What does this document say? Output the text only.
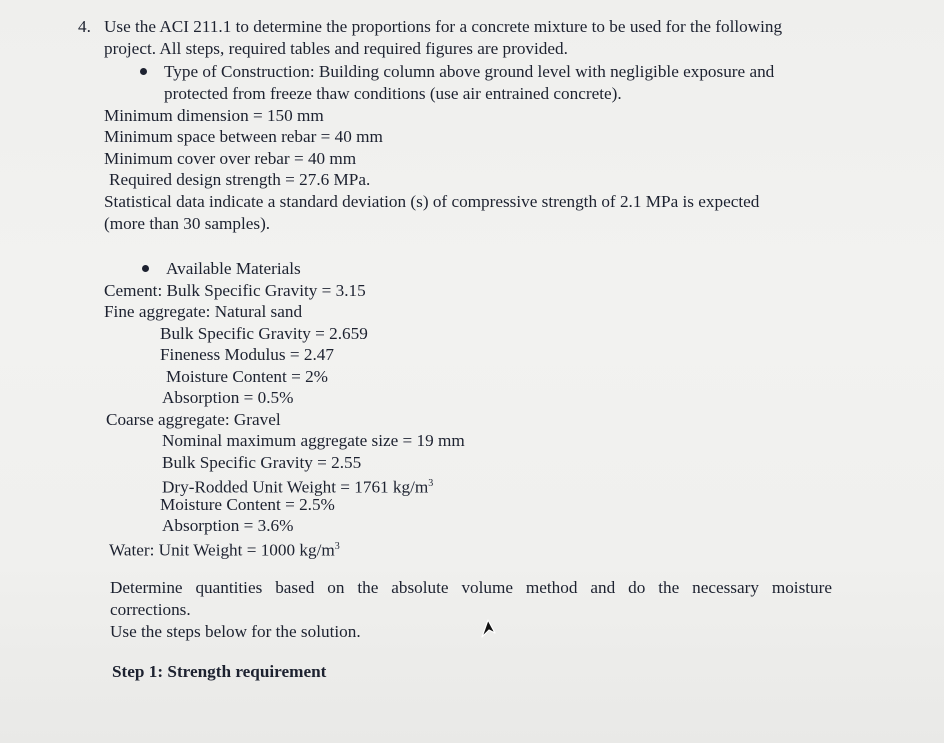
4. Use the ACI 211.1 to determine the proportions for a concrete mixture to be used for the following
project. All steps, required tables and required figures are provided.
Type of Construction: Building column above ground level with negligible exposure and
protected from freeze thaw conditions (use air entrained concrete).
Minimum dimension = 150 mm
Minimum space between rebar = 40 mm
Minimum cover over rebar = 40 mm
Required design strength = 27.6 MPa.
Statistical data indicate a standard deviation (s) of compressive strength of 2.1 MPa is expected
(more than 30 samples).
Available Materials
Cement: Bulk Specific Gravity = 3.15
Fine aggregate: Natural sand
Bulk Specific Gravity = 2.659
Fineness Modulus = 2.47
Moisture Content = 2%
Absorption = 0.5%
Coarse aggregate: Gravel
Nominal maximum aggregate size = 19 mm
Bulk Specific Gravity = 2.55
Dry-Rodded Unit Weight = 1761 $kg/m^3$
Moisture Content = 2.5%
Absorption = 3.6%
Water: Unit Weight = 1000 $kg/m^3$
Determine quantities based on the absolute volume method and do the necessary moisture
corrections.
Use the steps below for the solution.
Step 1: Strength requirement
